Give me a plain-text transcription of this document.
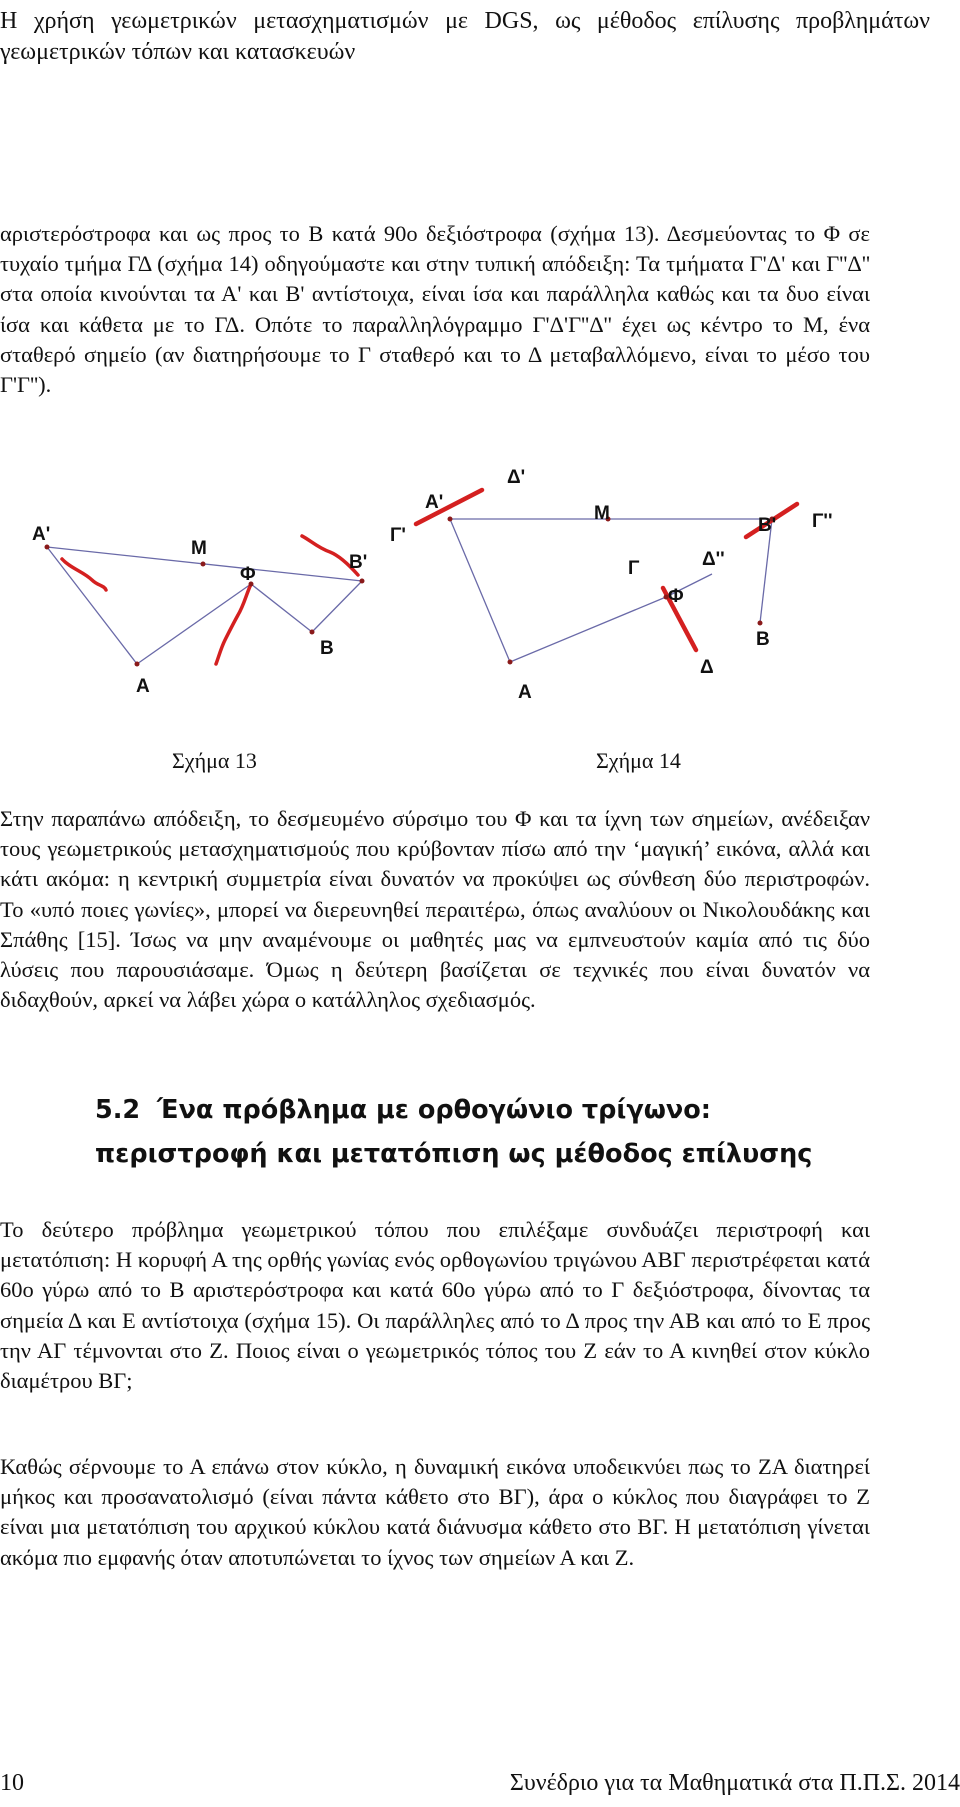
Η χρήση γεωμετρικών μετασχηματισμών με DGS, ως μέθοδος επίλυσης προβλημάτων γεωμετρικών τόπων και κατασκευών
αριστερόστροφα και ως προς το Β κατά 90ο δεξιόστροφα (σχήμα 13). Δεσμεύοντας το Φ σε τυχαίο τμήμα ΓΔ (σχήμα 14) οδηγούμαστε και στην τυπική απόδειξη: Τα τμήματα Γ'Δ' και Γ''Δ'' στα οποία κινούνται τα Α' και Β' αντίστοιχα, είναι ίσα και παράλληλα καθώς και τα δυο είναι ίσα και κάθετα με το ΓΔ. Οπότε το παραλληλόγραμμο Γ'Δ'Γ''Δ'' έχει ως κέντρο το Μ, ένα σταθερό σημείο (αν διατηρήσουμε το Γ σταθερό και το Δ μεταβαλλόμενο, είναι το μέσο του Γ'Γ'').
Α'
Μ
Φ
Β'
Β
Α
Δ'
Α'
Γ'
Μ
Β' Γ''
Γ	Δ''
Φ
Β
Δ
Α
Σχήμα 13	Σχήμα 14
Στην παραπάνω απόδειξη, το δεσμευμένο σύρσιμο του Φ και τα ίχνη των σημείων, ανέδειξαν τους γεωμετρικούς μετασχηματισμούς που κρύβονταν πίσω από την ‘μαγική’ εικόνα, αλλά και κάτι ακόμα: η κεντρική συμμετρία είναι δυνατόν να προκύψει ως σύνθεση δύο περιστροφών. Το «υπό ποιες γωνίες», μπορεί να διερευνηθεί περαιτέρω, όπως αναλύουν οι Νικολουδάκης και Σπάθης [15]. Ίσως να μην αναμένουμε οι μαθητές μας να εμπνευστούν καμία από τις δύο λύσεις που παρουσιάσαμε. Όμως η δεύτερη βασίζεται σε τεχνικές που είναι δυνατόν να διδαχθούν, αρκεί να λάβει χώρα ο κατάλληλος σχεδιασμός.
5.2 Ένα πρόβλημα με ορθογώνιο τρίγωνο: περιστροφή και μετατόπιση ως μέθοδος επίλυσης
Το δεύτερο πρόβλημα γεωμετρικού τόπου που επιλέξαμε συνδυάζει περιστροφή και μετατόπιση: Η κορυφή Α της ορθής γωνίας ενός ορθογωνίου τριγώνου ΑΒΓ περιστρέφεται κατά 60ο γύρω από το Β αριστερόστροφα και κατά 60ο γύρω από το Γ δεξιόστροφα, δίνοντας τα σημεία Δ και Ε αντίστοιχα (σχήμα 15). Οι παράλληλες από το Δ προς την ΑΒ και από το Ε προς την ΑΓ τέμνονται στο Ζ. Ποιος είναι ο γεωμετρικός τόπος του Ζ εάν το Α κινηθεί στον κύκλο διαμέτρου ΒΓ;
Καθώς σέρνουμε το Α επάνω στον κύκλο, η δυναμική εικόνα υποδεικνύει πως το ΖΑ διατηρεί μήκος και προσανατολισμό (είναι πάντα κάθετο στο ΒΓ), άρα ο κύκλος που διαγράφει το Ζ είναι μια μετατόπιση του αρχικού κύκλου κατά διάνυσμα κάθετο στο ΒΓ. Η μετατόπιση γίνεται ακόμα πιο εμφανής όταν αποτυπώνεται το ίχνος των σημείων Α και Ζ.
10	Συνέδριο για τα Μαθηματικά στα Π.Π.Σ. 2014
